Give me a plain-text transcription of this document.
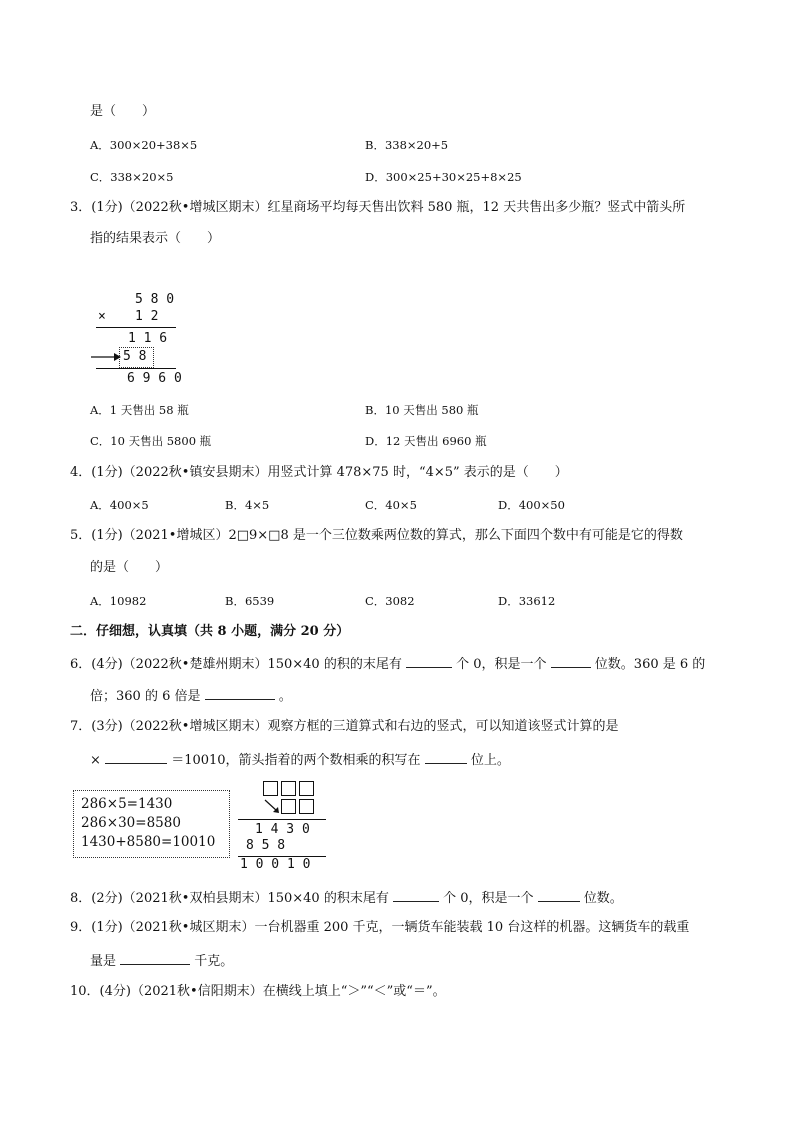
是（　　）
A．300×20+38×5	B．338×20+5
C．338×20×5	D．300×25+30×25+8×25
3．(1分)（2022秋•增城区期末）红星商场平均每天售出饮料 580 瓶，12 天共售出多少瓶？竖式中箭头所
指的结果表示（　　）
5 8 0
× 1 2
1 1 6
5 8
6 9 6 0
A．1 天售出 58 瓶	B．10 天售出 580 瓶
C．10 天售出 5800 瓶	D．12 天售出 6960 瓶
4．(1分)（2022秋•镇安县期末）用竖式计算 478×75 时，“4×5” 表示的是（　　）
A．400×5	B．4×5	C．40×5	D．400×50
5．(1分)（2021•增城区）2□9×□8 是一个三位数乘两位数的算式，那么下面四个数中有可能是它的得数
的是（　　）
A．10982	B．6539	C．3082	D．33612
二．仔细想，认真填（共 8 小题，满分 20 分）
6．(4分)（2022秋•楚雄州期末）150×40 的积的末尾有	个 0，积是一个	位数。360 是 6 的
倍；360 的 6 倍是	。
7．(3分)（2022秋•增城区期末）观察方框的三道算式和右边的竖式，可以知道该竖式计算的是
×	＝10010，箭头指着的两个数相乘的积写在	位上。
286×5=1430
286×30=8580
1430+8580=10010
1 4 3 0
8 5 8
1 0 0 1 0
8．(2分)（2021秋•双柏县期末）150×40 的积末尾有	个 0，积是一个	位数。
9．(1分)（2021秋•城区期末）一台机器重 200 千克，一辆货车能装载 10 台这样的机器。这辆货车的载重
量是	千克。
10．(4分)（2021秋•信阳期末）在横线上填上“＞”“＜”或“＝”。
